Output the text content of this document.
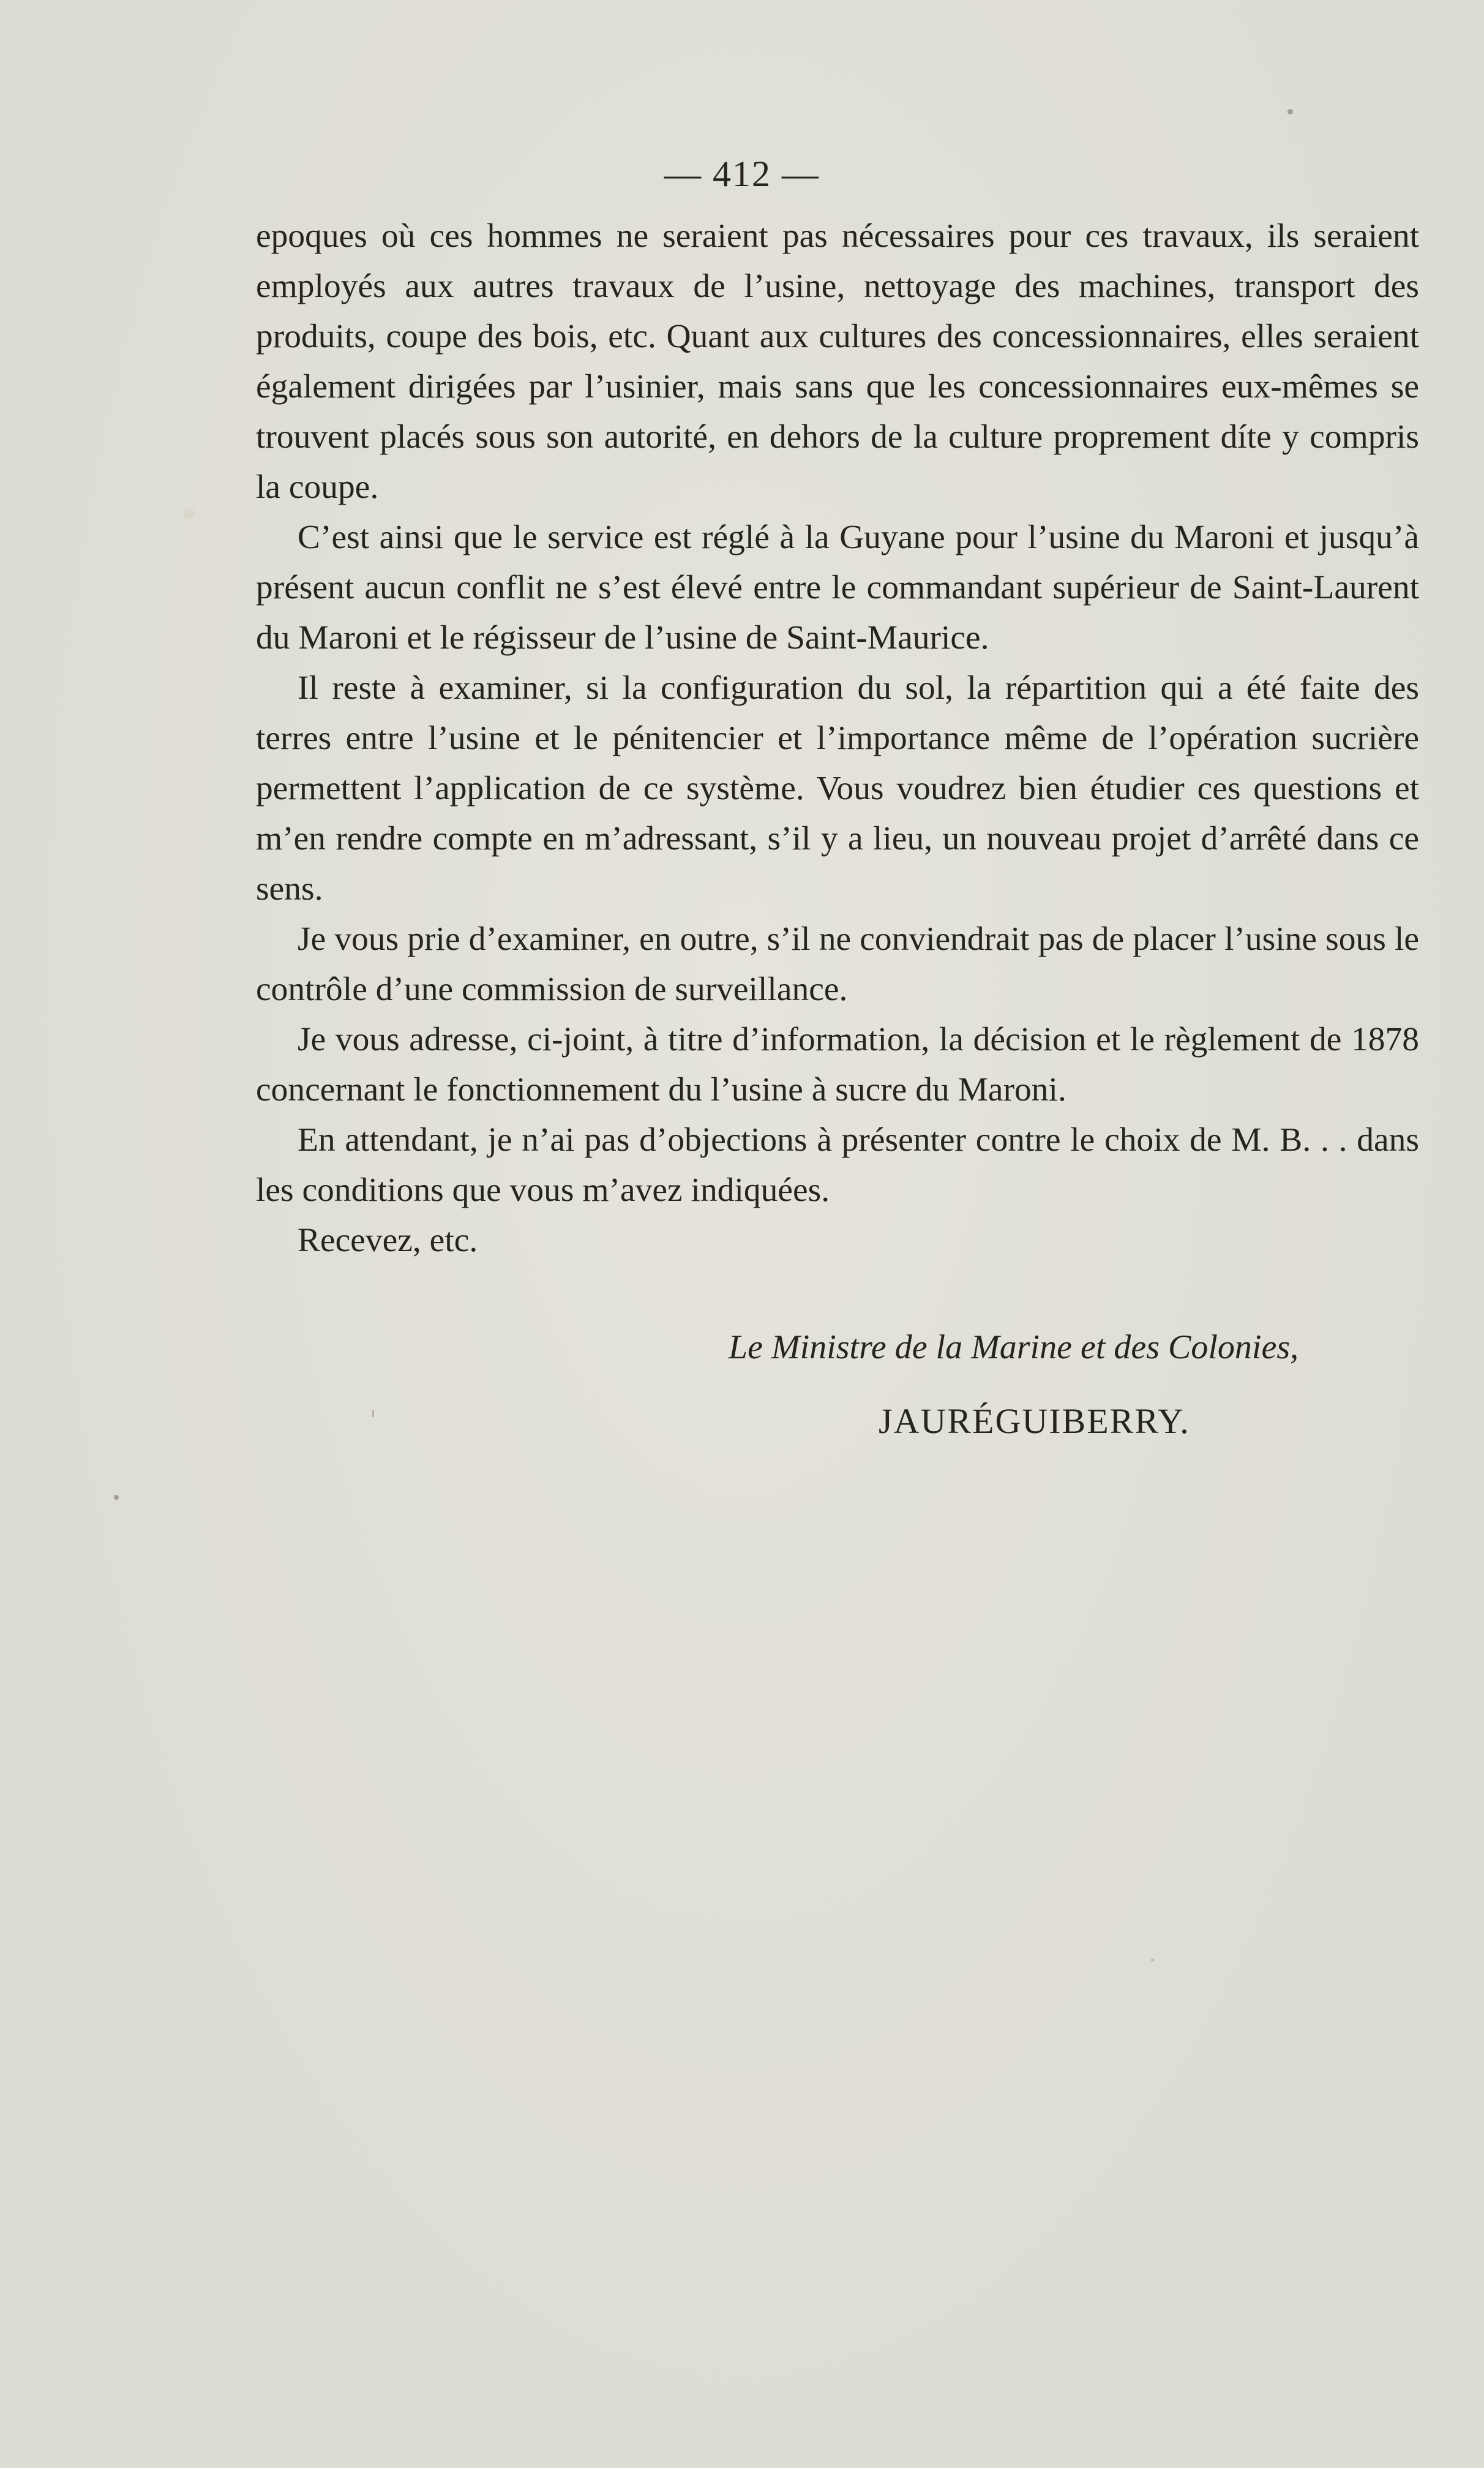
— 412 —

epoques où ces hommes ne seraient pas nécessaires pour ces travaux, ils seraient employés aux autres travaux de l’usine, nettoyage des machines, transport des produits, coupe des bois, etc. Quant aux cultures des concessionnaires, elles seraient également dirigées par l’usinier, mais sans que les concessionnaires eux-mêmes se trouvent placés sous son autorité, en dehors de la culture proprement díte y compris la coupe.

C’est ainsi que le service est réglé à la Guyane pour l’usine du Maroni et jusqu’à présent aucun conflit ne s’est élevé entre le commandant supérieur de Saint-Laurent du Maroni et le régisseur de l’usine de Saint-Maurice.

Il reste à examiner, si la configuration du sol, la répartition qui a été faite des terres entre l’usine et le pénitencier et l’importance même de l’opération sucrière permettent l’application de ce système. Vous voudrez bien étudier ces questions et m’en rendre compte en m’adressant, s’il y a lieu, un nouveau projet d’arrêté dans ce sens.

Je vous prie d’examiner, en outre, s’il ne conviendrait pas de placer l’usine sous le contrôle d’une commission de surveillance.

Je vous adresse, ci-joint, à titre d’information, la décision et le règlement de 1878 concernant le fonctionnement du l’usine à sucre du Maroni.

En attendant, je n’ai pas d’objections à présenter contre le choix de M. B. . . dans les conditions que vous m’avez indiquées.

Recevez, etc.

Le Ministre de la Marine et des Colonies,
JAURÉGUIBERRY.
